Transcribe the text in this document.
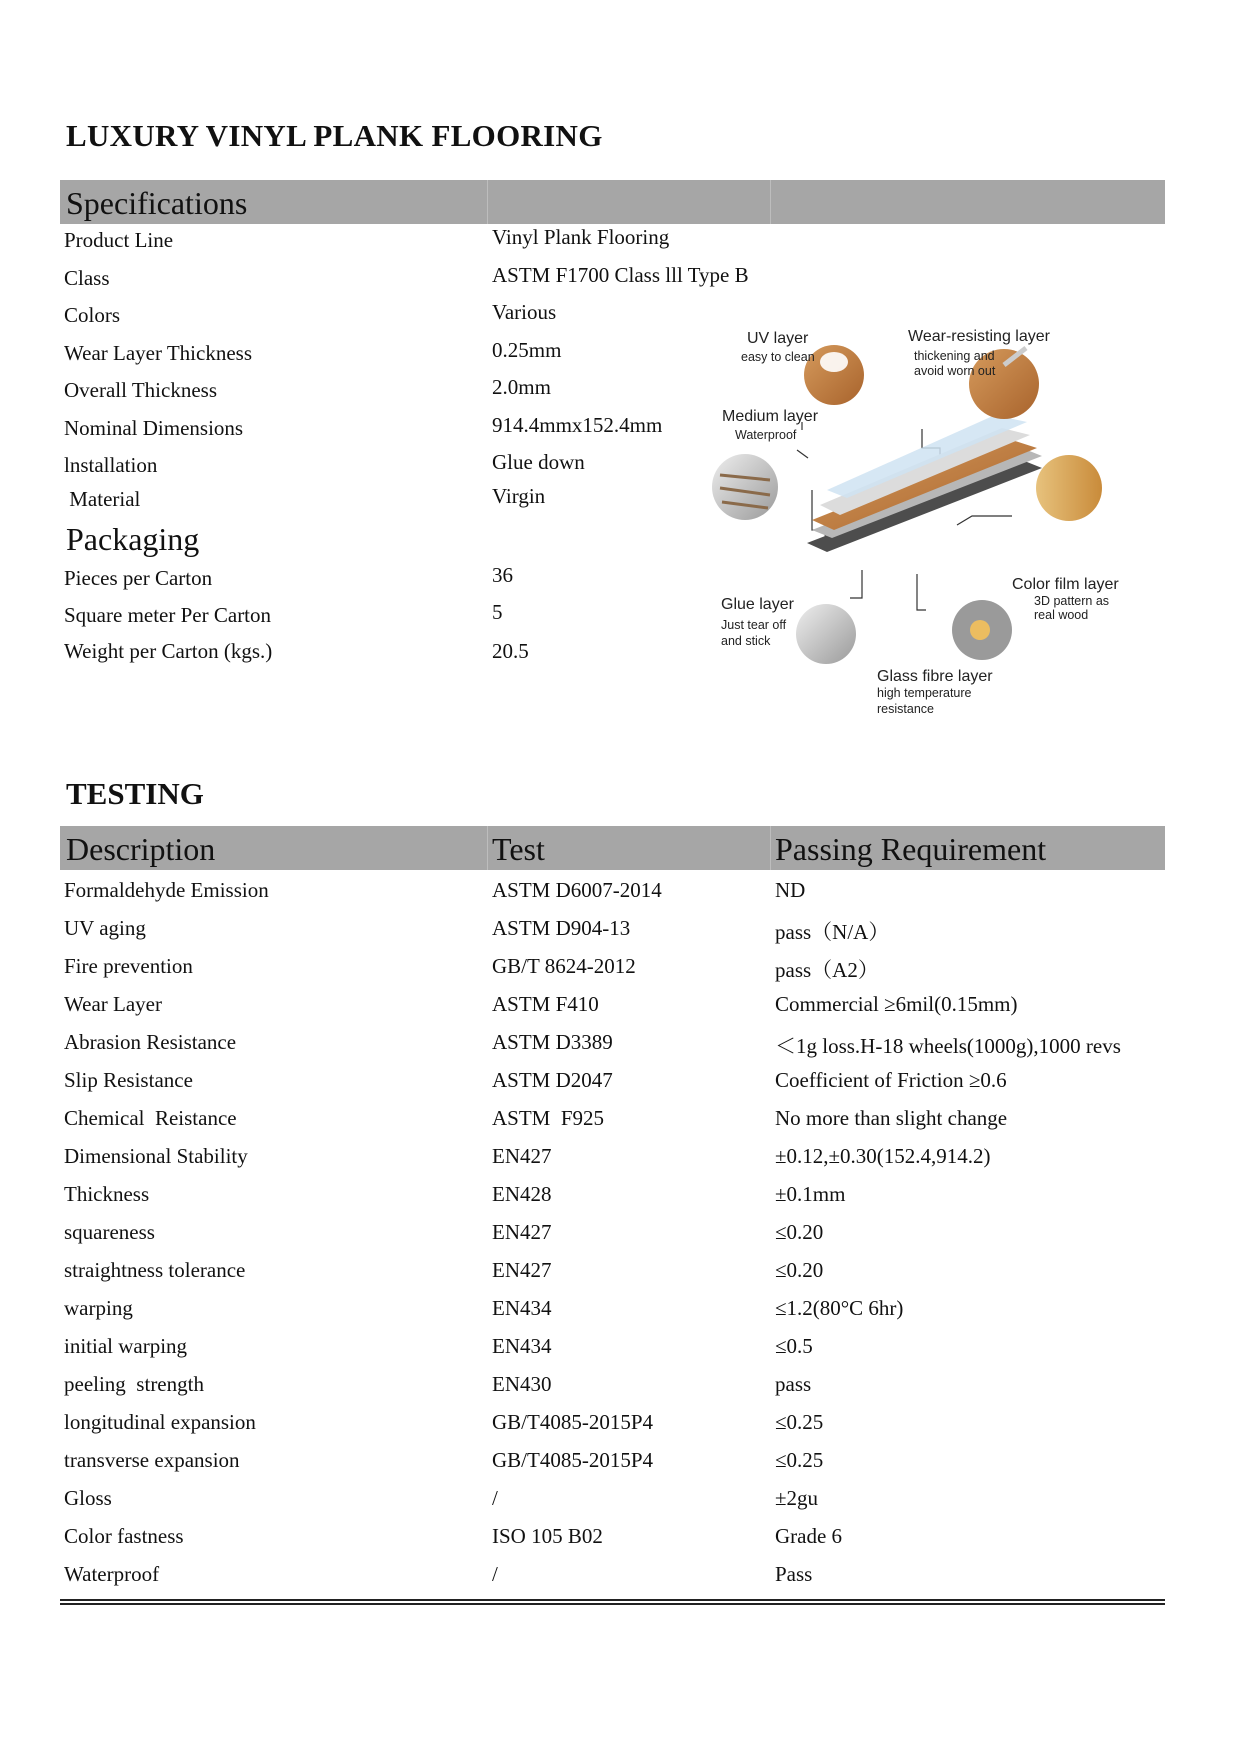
LUXURY VINYL PLANK FLOORING
Specifications
Product Line	Vinyl Plank Flooring
Class	ASTM F1700 Class lll Type B
Colors	Various
Wear Layer Thickness	0.25mm
Overall Thickness	2.0mm
Nominal Dimensions	914.4mmx152.4mm
lnstallation	Glue down
Material	Virgin
Packaging
Pieces per Carton	36
Square meter Per Carton	5
Weight per Carton (kgs.)	20.5
UV layer
easy to clean
Wear-resisting layer
thickening and
avoid worn out
Medium layer
Waterproof
Color film layer
3D pattern as
real wood
Glue layer
Just tear off
and stick
Glass fibre layer
high temperature
resistance
TESTING
Description	Test	Passing Requirement
Formaldehyde Emission	ASTM D6007-2014	ND
UV aging	ASTM D904-13	pass（N/A）
Fire prevention	GB/T 8624-2012	pass（A2）
Wear Layer	ASTM F410	Commercial ≥6mil(0.15mm)
Abrasion Resistance	ASTM D3389	＜1g loss.H-18 wheels(1000g),1000 revs
Slip Resistance	ASTM D2047	Coefficient of Friction ≥0.6
Chemical  Reistance	ASTM  F925	No more than slight change
Dimensional Stability	EN427	±0.12,±0.30(152.4,914.2)
Thickness	EN428	±0.1mm
squareness	EN427	≤0.20
straightness tolerance	EN427	≤0.20
warping	EN434	≤1.2(80°C 6hr)
initial warping	EN434	≤0.5
peeling  strength	EN430	pass
longitudinal expansion	GB/T4085-2015P4	≤0.25
transverse expansion	GB/T4085-2015P4	≤0.25
Gloss	/	±2gu
Color fastness	ISO 105 B02	Grade 6
Waterproof	/	Pass
